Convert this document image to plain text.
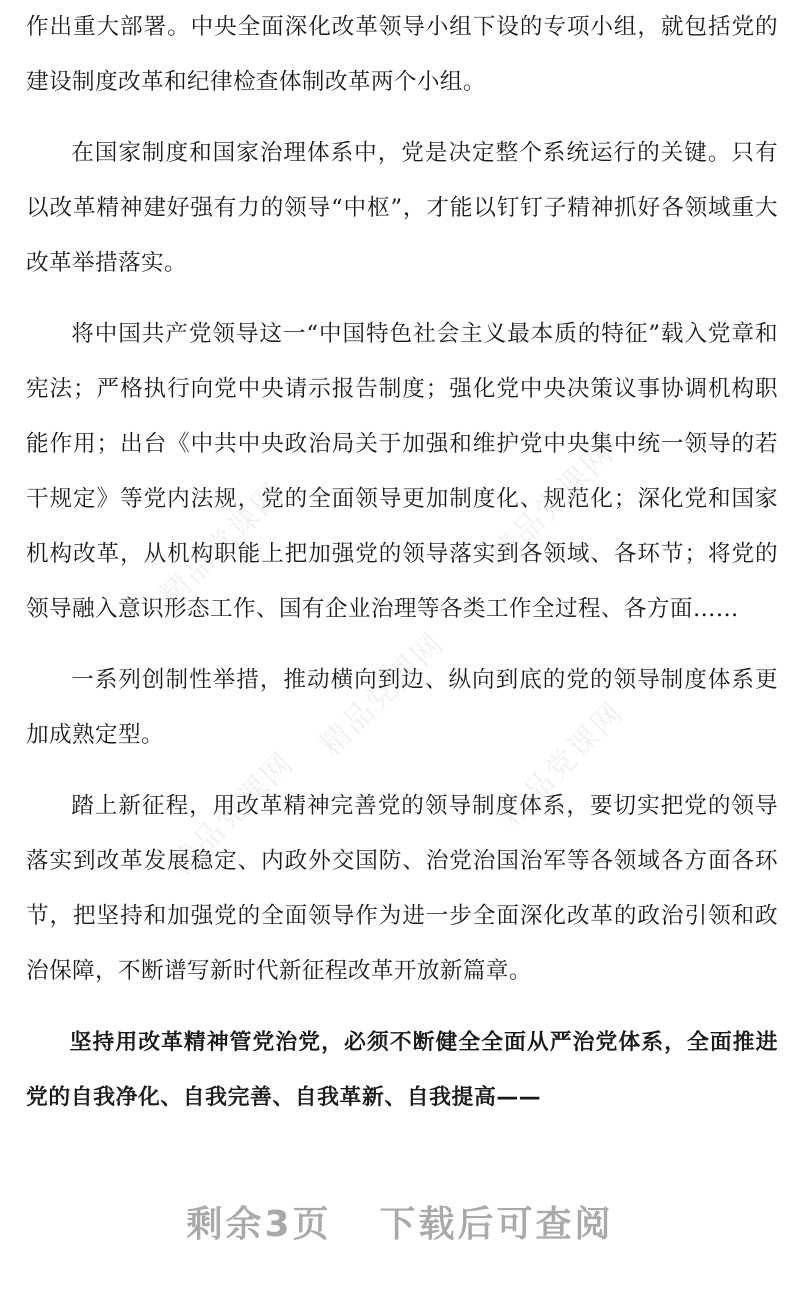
作出重大部署。中央全面深化改革领导小组下设的专项小组，就包括党的建设制度改革和纪律检查体制改革两个小组。

在国家制度和国家治理体系中，党是决定整个系统运行的关键。只有以改革精神建好强有力的领导“中枢”，才能以钉钉子精神抓好各领域重大改革举措落实。

将中国共产党领导这一“中国特色社会主义最本质的特征”载入党章和宪法；严格执行向党中央请示报告制度；强化党中央决策议事协调机构职能作用；出台《中共中央政治局关于加强和维护党中央集中统一领导的若干规定》等党内法规，党的全面领导更加制度化、规范化；深化党和国家机构改革，从机构职能上把加强党的领导落实到各领域、各环节；将党的领导融入意识形态工作、国有企业治理等各类工作全过程、各方面……

一系列创制性举措，推动横向到边、纵向到底的党的领导制度体系更加成熟定型。

踏上新征程，用改革精神完善党的领导制度体系，要切实把党的领导落实到改革发展稳定、内政外交国防、治党治国治军等各领域各方面各环节，把坚持和加强党的全面领导作为进一步全面深化改革的政治引领和政治保障，不断谱写新时代新征程改革开放新篇章。

坚持用改革精神管党治党，必须不断健全全面从严治党体系，全面推进党的自我净化、自我完善、自我革新、自我提高——

精品党课网	精品党课网
精品党课网
精品党课网	精品党课网
剩余3页 下载后可查阅
